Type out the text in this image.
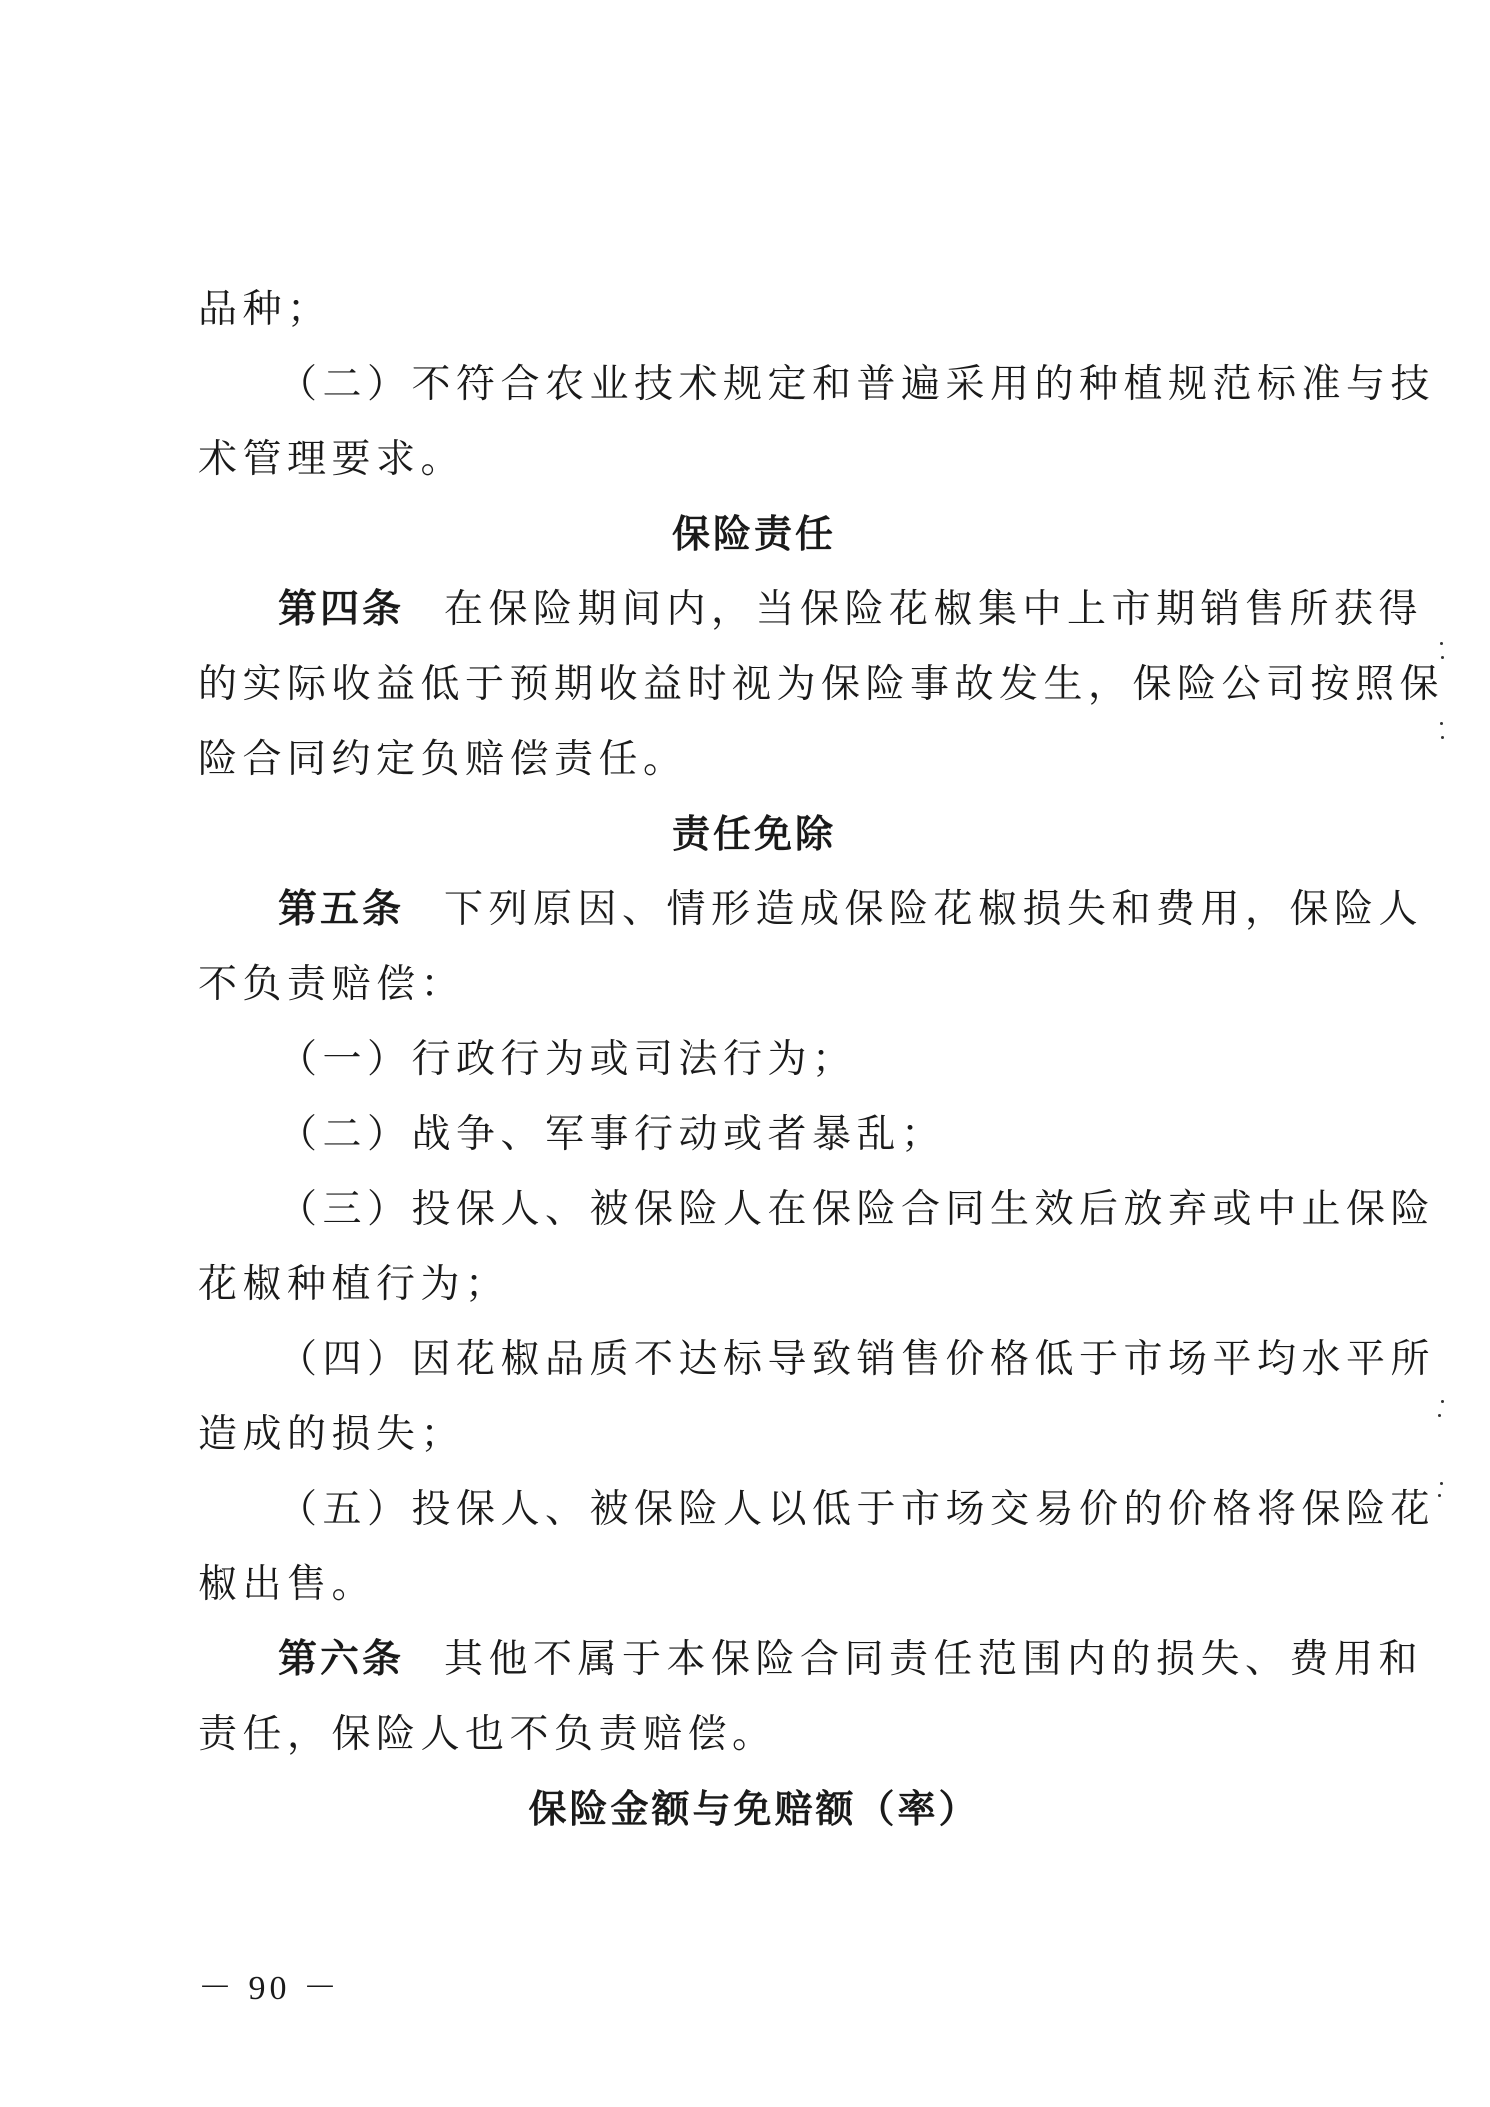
品种；
（二）不符合农业技术规定和普遍采用的种植规范标准与技
术管理要求。
保险责任
第四条 在保险期间内，当保险花椒集中上市期销售所获得
的实际收益低于预期收益时视为保险事故发生，保险公司按照保
险合同约定负赔偿责任。
责任免除
第五条 下列原因、情形造成保险花椒损失和费用，保险人
不负责赔偿：
（一）行政行为或司法行为；
（二）战争、军事行动或者暴乱；
（三）投保人、被保险人在保险合同生效后放弃或中止保险
花椒种植行为；
（四）因花椒品质不达标导致销售价格低于市场平均水平所
造成的损失；
（五）投保人、被保险人以低于市场交易价的价格将保险花
椒出售。
第六条 其他不属于本保险合同责任范围内的损失、费用和
责任，保险人也不负责赔偿。
保险金额与免赔额（率）
－ 90 －
